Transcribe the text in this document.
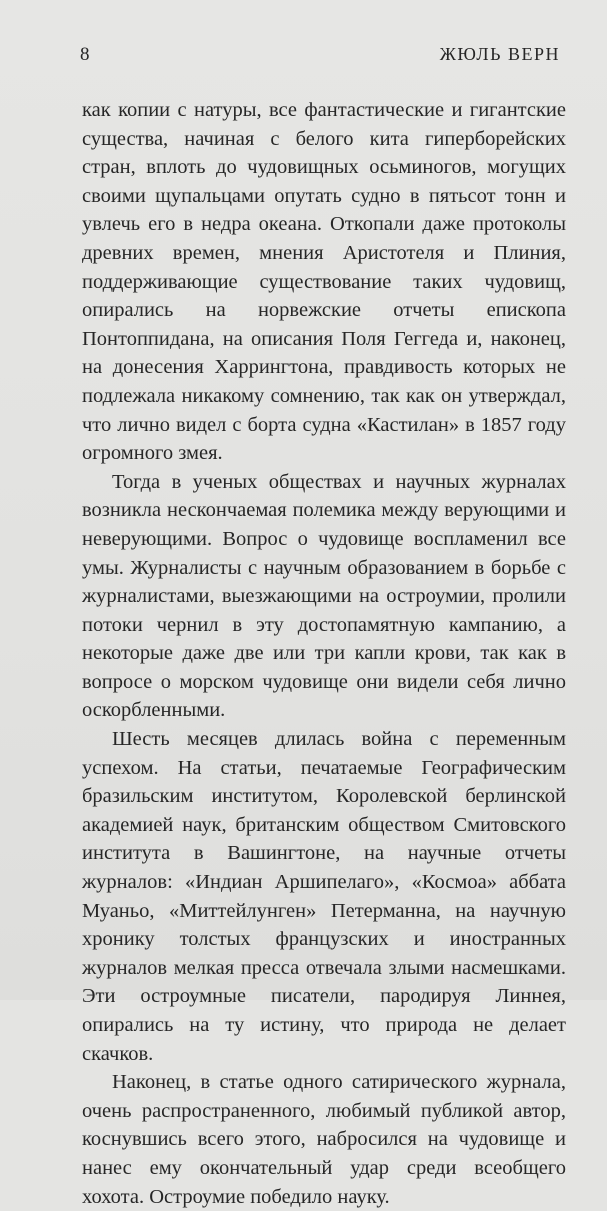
8	ЖЮЛЬ ВЕРН

как копии с натуры, все фантастические и гигантские существа, начиная с белого кита гиперборейских стран, вплоть до чудовищных осьминогов, могущих своими щупальцами опутать судно в пятьсот тонн и увлечь его в недра океана. Откопали даже протоколы древних времен, мнения Аристотеля и Плиния, поддерживающие существование таких чудовищ, опирались на норвежские отчеты епископа Понтоппидана, на описания Поля Геггеда и, наконец, на донесения Харрингтона, правдивость которых не подлежала никакому сомнению, так как он утверждал, что лично видел с борта судна «Кастилан» в 1857 году огромного змея.

Тогда в ученых обществах и научных журналах возникла нескончаемая полемика между верующими и неверующими. Вопрос о чудовище воспламенил все умы. Журналисты с научным образованием в борьбе с журналистами, выезжающими на остроумии, пролили потоки чернил в эту достопамятную кампанию, а некоторые даже две или три капли крови, так как в вопросе о морском чудовище они видели себя лично оскорбленными.

Шесть месяцев длилась война с переменным успехом. На статьи, печатаемые Географическим бразильским институтом, Королевской берлинской академией наук, британским обществом Смитовского института в Вашингтоне, на научные отчеты журналов: «Индиан Аршипелаго», «Космоа» аббата Муаньо, «Миттейлунген» Петерманна, на научную хронику толстых французских и иностранных журналов мелкая пресса отвечала злыми насмешками. Эти остроумные писатели, пародируя Линнея, опирались на ту истину, что природа не делает скачков.

Наконец, в статье одного сатирического журнала, очень распространенного, любимый публикой автор, коснувшись всего этого, набросился на чудовище и нанес ему окончательный удар среди всеобщего хохота. Остроумие победило науку.
